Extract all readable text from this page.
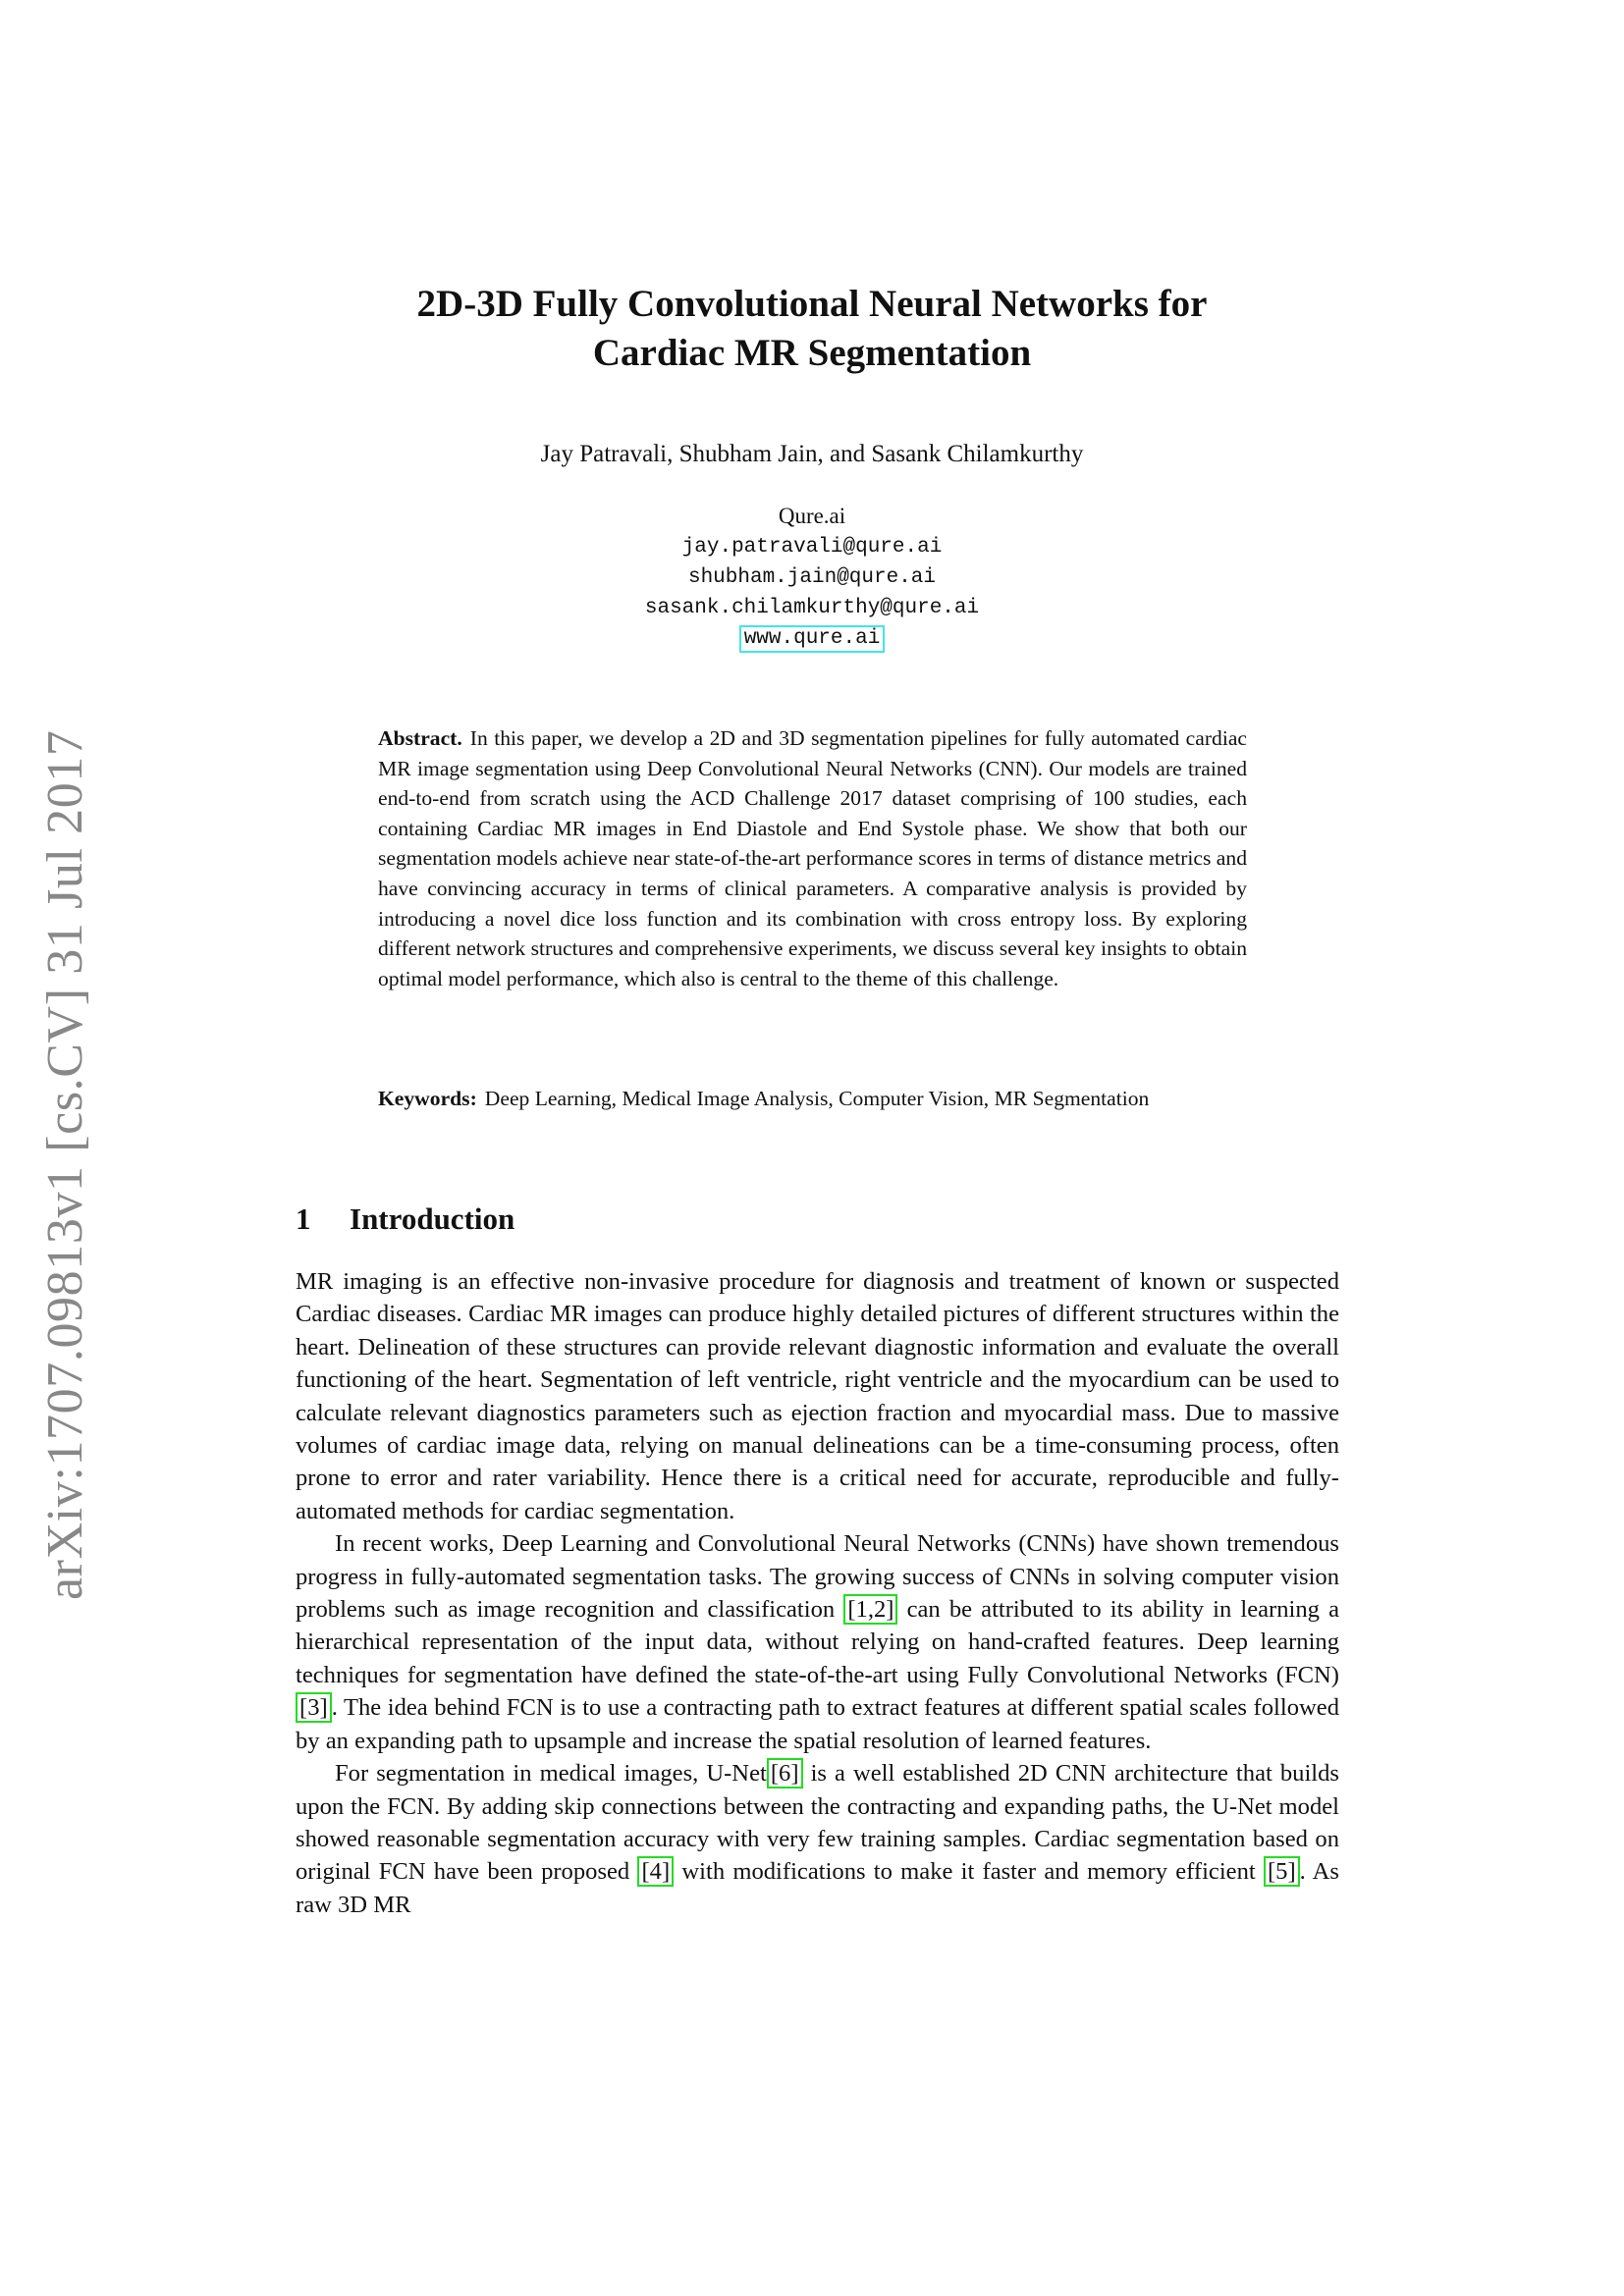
arXiv:1707.09813v1 [cs.CV] 31 Jul 2017
2D-3D Fully Convolutional Neural Networks for
Cardiac MR Segmentation
Jay Patravali, Shubham Jain, and Sasank Chilamkurthy
Qure.ai
jay.patravali@qure.ai
shubham.jain@qure.ai
sasank.chilamkurthy@qure.ai
www.qure.ai
Abstract. In this paper, we develop a 2D and 3D segmentation pipelines for fully automated cardiac MR image segmentation using Deep Convolutional Neural Networks (CNN). Our models are trained end-to-end from scratch using the ACD Challenge 2017 dataset comprising of 100 studies, each containing Cardiac MR images in End Diastole and End Systole phase. We show that both our segmentation models achieve near state-of-the-art performance scores in terms of distance metrics and have convincing accuracy in terms of clinical parameters. A comparative analysis is provided by introducing a novel dice loss function and its combination with cross entropy loss. By exploring different network structures and comprehensive experiments, we discuss several key insights to obtain optimal model performance, which also is central to the theme of this challenge.
Keywords: Deep Learning, Medical Image Analysis, Computer Vision, MR Segmentation
1 Introduction

MR imaging is an effective non-invasive procedure for diagnosis and treatment of known or suspected Cardiac diseases. Cardiac MR images can produce highly detailed pictures of different structures within the heart. Delineation of these structures can provide relevant diagnostic information and evaluate the overall functioning of the heart. Segmentation of left ventricle, right ventricle and the myocardium can be used to calculate relevant diagnostics parameters such as ejection fraction and myocardial mass. Due to massive volumes of cardiac image data, relying on manual delineations can be a time-consuming process, often prone to error and rater variability. Hence there is a critical need for accurate, reproducible and fully-automated methods for cardiac segmentation.

In recent works, Deep Learning and Convolutional Neural Networks (CNNs) have shown tremendous progress in fully-automated segmentation tasks. The growing success of CNNs in solving computer vision problems such as image recognition and classification [1,2] can be attributed to its ability in learning a hierarchical representation of the input data, without relying on hand-crafted features. Deep learning techniques for segmentation have defined the state-of-the-art using Fully Convolutional Networks (FCN) [3] . The idea behind FCN is to use a contracting path to extract features at different spatial scales followed by an expanding path to upsample and increase the spatial resolution of learned features.

For segmentation in medical images, U-Net [6] is a well established 2D CNN architecture that builds upon the FCN. By adding skip connections between the contracting and expanding paths, the U-Net model showed reasonable segmentation accuracy with very few training samples. Cardiac segmentation based on original FCN have been proposed [4] with modifications to make it faster and memory efficient [5] . As raw 3D MR
